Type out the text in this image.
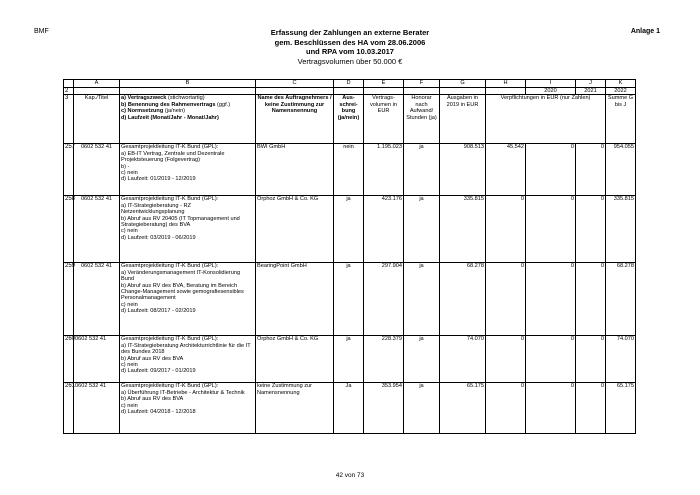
BMF	Anlage 1
Erfassung der Zahlungen an externe Berater
gem. Beschlüssen des HA vom 28.06.2006
und RPA vom 10.03.2017
Vertragsvolumen über 50.000 €
	A	B	C	D	E	F	G	H	I	J	K
2									2020	2021	2022
3	Kap./Titel	a) Vertragszweck (stichwortartig)
b) Benennung des Rahmenvertrags (ggf.)
c) Normsetzung (ja/nein)
d) Laufzeit (Monat/Jahr - Monat/Jahr)	Name des Auftragnehmers / keine Zustimmung zur Namensnennung	Aus-schrei-bung (ja/nein)	Vertrags-volumen in EUR	Honorar nach Aufwand/ Stunden (ja)	Ausgaben in 2019 in EUR	Verpflichtungen in EUR (nur Zahlen)			Summe G bis J
257	0602 532 41	Gesamtprojektleitung IT-K Bund (GPL):
a) EB-IT Vertrag, Zentrale und Dezentrale Projektsteuerung (Folgevertrag)
b) -
c) nein
d) Laufzeit: 01/2019 - 12/2019	BWI GmbH	nein	1.195.023	ja	908.513	45.542	0	0	954.055
258	0602 532 41	Gesamtprojektleitung IT-K Bund (GPL):
a) IT-Strategieberatung - RZ Netzentwicklungsplanung
b) Abruf aus RV 20405 (IT Topmanagement und Strategieberatung) des BVA
c) nein
d) Laufzeit: 03/2019 - 06/2019	Orphoz GmbH & Co. KG	ja	423.176	ja	335.815	0	0	0	335.815
259	0602 532 41	Gesamtprojektleitung IT-K Bund (GPL):
a) Veränderungsmanagement IT-Konsolidierung Bund
b) Abruf aus RV des BVA, Beratung im Bereich Change-Management sowie gemografiesensibles Personalmanagement
c) nein
d) Laufzeit: 08/2017 - 02/2019	BearingPoint GmbH	ja	297.904	ja	68.278	0	0	0	68.278
260	0602 532 41	Gesamtprojektleitung IT-K Bund (GPL):
a) IT-Strategieberatung Architekturrichtlinie für die IT des Bundes 2018
b) Abruf aus RV des BVA
c) nein
d) Laufzeit: 09/2017 - 01/2019	Orphoz GmbH & Co. KG	ja	228.379	ja	74.070	0	0	0	74.070
261	0602 532 41	Gesamtprojektleitung IT-K Bund (GPL):
a) Überführung IT-Betriebe - Architektur & Technik
b) Abruf aus RV des BVA
c) nein
d) Laufzeit: 04/2018 - 12/2018	keine Zustimmung zur Namensnennung	Ja	353.954	ja	65.175	0	0	0	65.175
42 von 73
